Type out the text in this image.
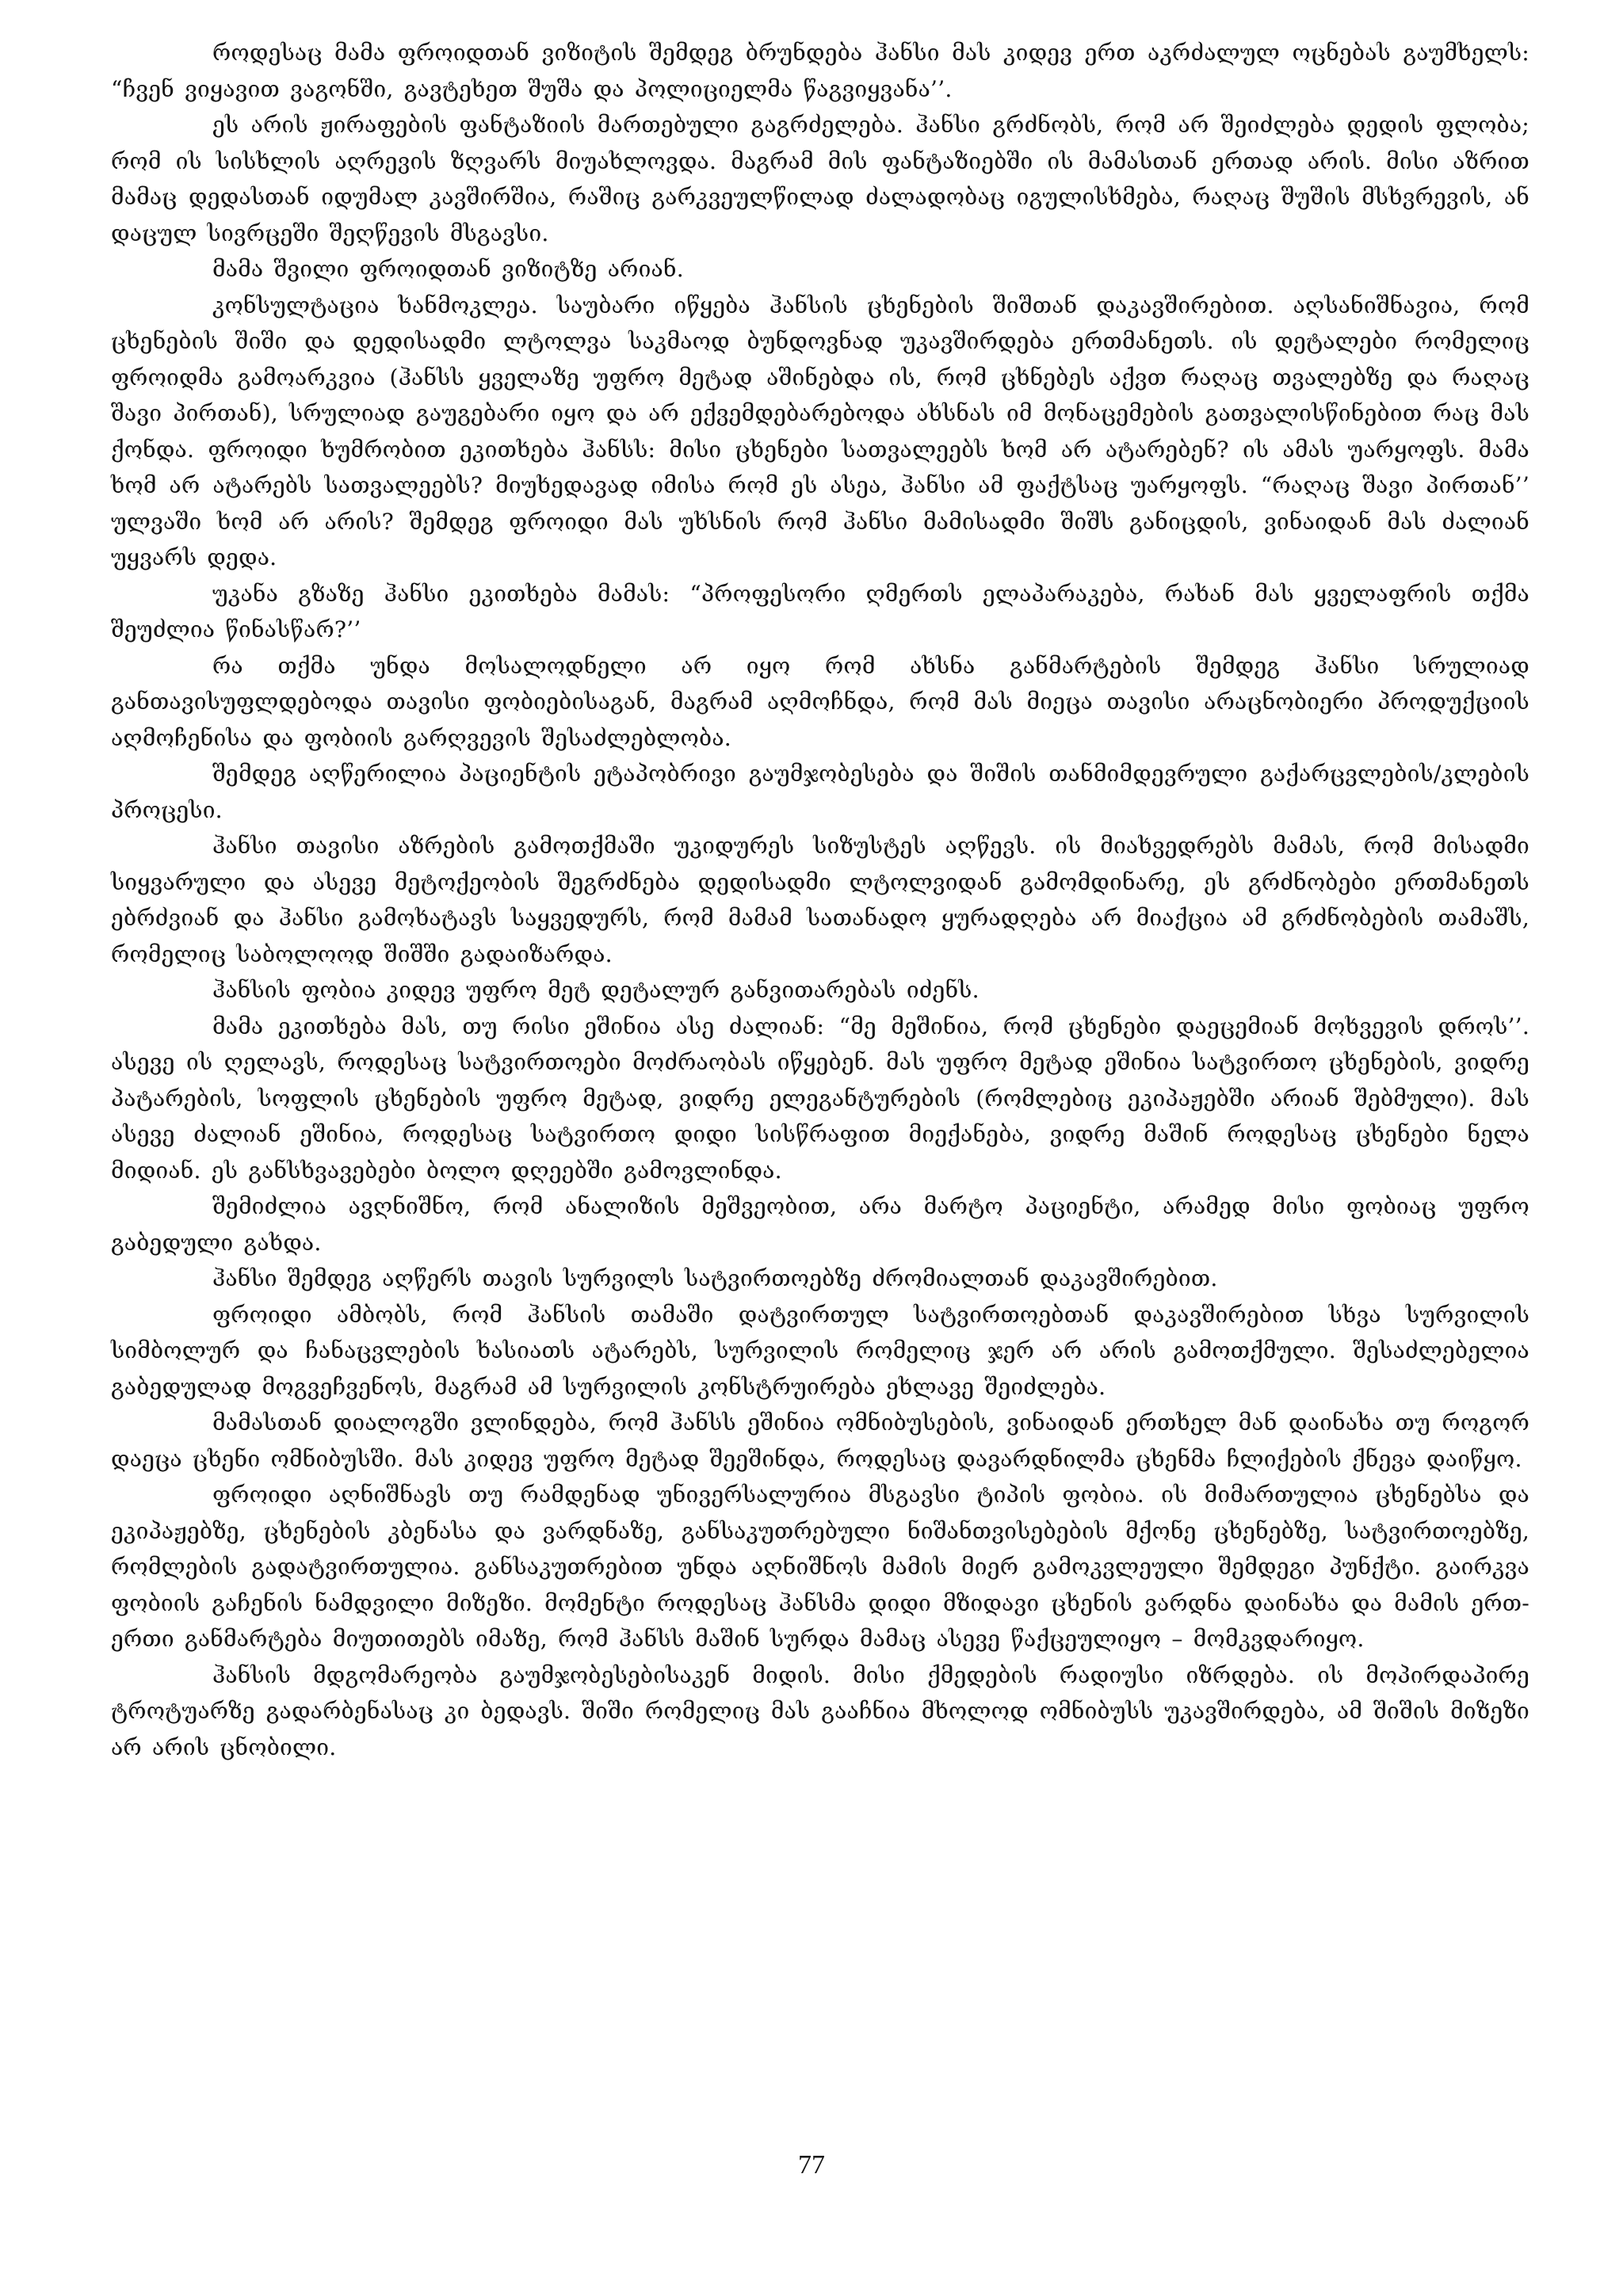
როდესაც მამა ფროიდთან ვიზიტის შემდეგ ბრუნდება ჰანსი მას კიდევ ერთ აკრძალულ ოცნებას გაუმხელს: “ჩვენ ვიყავით ვაგონში, გავტეხეთ შუშა და პოლიციელმა წაგვიყვანა’’.

ეს არის ჟირაფების ფანტაზიის მართებული გაგრძელება. ჰანსი გრძნობს, რომ არ შეიძლება დედის ფლობა; რომ ის სისხლის აღრევის ზღვარს მიუახლოვდა. მაგრამ მის ფანტაზიებში ის მამასთან ერთად არის. მისი აზრით მამაც დედასთან იდუმალ კავშირშია, რაშიც გარკვეულწილად ძალადობაც იგულისხმება, რაღაც შუშის მსხვრევის, ან დაცულ სივრცეში შეღწევის მსგავსი.

მამა შვილი ფროიდთან ვიზიტზე არიან.

კონსულტაცია ხანმოკლეა. საუბარი იწყება ჰანსის ცხენების შიშთან დაკავშირებით. აღსანიშნავია, რომ ცხენების შიში და დედისადმი ლტოლვა საკმაოდ ბუნდოვნად უკავშირდება ერთმანეთს. ის დეტალები რომელიც ფროიდმა გამოარკვია (ჰანსს ყველაზე უფრო მეტად აშინებდა ის, რომ ცხნებეს აქვთ რაღაც თვალებზე და რაღაც შავი პირთან), სრულიად გაუგებარი იყო და არ ექვემდებარებოდა ახსნას იმ მონაცემების გათვალისწინებით რაც მას ქონდა. ფროიდი ხუმრობით ეკითხება ჰანსს: მისი ცხენები სათვალეებს ხომ არ ატარებენ? ის ამას უარყოფს. მამა ხომ არ ატარებს სათვალეებს? მიუხედავად იმისა რომ ეს ასეა, ჰანსი ამ ფაქტსაც უარყოფს. “რაღაც შავი პირთან’’ ულვაში ხომ არ არის? შემდეგ ფროიდი მას უხსნის რომ ჰანსი მამისადმი შიშს განიცდის, ვინაიდან მას ძალიან უყვარს დედა.

უკანა გზაზე ჰანსი ეკითხება მამას: “პროფესორი ღმერთს ელაპარაკება, რახან მას ყველაფრის თქმა შეუძლია წინასწარ?’’

რა თქმა უნდა მოსალოდნელი არ იყო რომ ახსნა განმარტების შემდეგ ჰანსი სრულიად განთავისუფლდებოდა თავისი ფობიებისაგან, მაგრამ აღმოჩნდა, რომ მას მიეცა თავისი არაცნობიერი პროდუქციის აღმოჩენისა და ფობიის გარღვევის შესაძლებლობა.

შემდეგ აღწერილია პაციენტის ეტაპობრივი გაუმჯობესება და შიშის თანმიმდევრული გაქარცვლების/კლების პროცესი.

ჰანსი თავისი აზრების გამოთქმაში უკიდურეს სიზუსტეს აღწევს. ის მიახვედრებს მამას, რომ მისადმი სიყვარული და ასევე მეტოქეობის შეგრძნება დედისადმი ლტოლვიდან გამომდინარე, ეს გრძნობები ერთმანეთს ებრძვიან და ჰანსი გამოხატავს საყვედურს, რომ მამამ სათანადო ყურადღება არ მიაქცია ამ გრძნობების თამაშს, რომელიც საბოლოოდ შიშში გადაიზარდა.

ჰანსის ფობია კიდევ უფრო მეტ დეტალურ განვითარებას იძენს.

მამა ეკითხება მას, თუ რისი ეშინია ასე ძალიან: “მე მეშინია, რომ ცხენები დაეცემიან მოხვევის დროს’’. ასევე ის ღელავს, როდესაც სატვირთოები მოძრაობას იწყებენ. მას უფრო მეტად ეშინია სატვირთო ცხენების, ვიდრე პატარების, სოფლის ცხენების უფრო მეტად, ვიდრე ელეგანტურების (რომლებიც ეკიპაჟებში არიან შებმული). მას ასევე ძალიან ეშინია, როდესაც სატვირთო დიდი სისწრაფით მიექანება, ვიდრე მაშინ როდესაც ცხენები ნელა მიდიან. ეს განსხვავებები ბოლო დღეებში გამოვლინდა.

შემიძლია ავღნიშნო, რომ ანალიზის მეშვეობით, არა მარტო პაციენტი, არამედ მისი ფობიაც უფრო გაბედული გახდა.

ჰანსი შემდეგ აღწერს თავის სურვილს სატვირთოებზე ძრომიალთან დაკავშირებით.

ფროიდი ამბობს, რომ ჰანსის თამაში დატვირთულ სატვირთოებთან დაკავშირებით სხვა სურვილის სიმბოლურ და ჩანაცვლების ხასიათს ატარებს, სურვილის რომელიც ჯერ არ არის გამოთქმული. შესაძლებელია გაბედულად მოგვეჩვენოს, მაგრამ ამ სურვილის კონსტრუირება ეხლავე შეიძლება.

მამასთან დიალოგში ვლინდება, რომ ჰანსს ეშინია ომნიბუსების, ვინაიდან ერთხელ მან დაინახა თუ როგორ დაეცა ცხენი ომნიბუსში. მას კიდევ უფრო მეტად შეეშინდა, როდესაც დავარდნილმა ცხენმა ჩლიქების ქნევა დაიწყო.

ფროიდი აღნიშნავს თუ რამდენად უნივერსალურია მსგავსი ტიპის ფობია. ის მიმართულია ცხენებსა და ეკიპაჟებზე, ცხენების კბენასა და ვარდნაზე, განსაკუთრებული ნიშანთვისებების მქონე ცხენებზე, სატვირთოებზე, რომლების გადატვირთულია. განსაკუთრებით უნდა აღნიშნოს მამის მიერ გამოკვლეული შემდეგი პუნქტი. გაირკვა ფობიის გაჩენის ნამდვილი მიზეზი. მომენტი როდესაც ჰანსმა დიდი მზიდავი ცხენის ვარდნა დაინახა და მამის ერთ-ერთი განმარტება მიუთითებს იმაზე, რომ ჰანსს მაშინ სურდა მამაც ასევე წაქცეულიყო – მომკვდარიყო.

ჰანსის მდგომარეობა გაუმჯობესებისაკენ მიდის. მისი ქმედების რადიუსი იზრდება. ის მოპირდაპირე ტროტუარზე გადარბენასაც კი ბედავს. შიში რომელიც მას გააჩნია მხოლოდ ომნიბუსს უკავშირდება, ამ შიშის მიზეზი არ არის ცნობილი.

77
